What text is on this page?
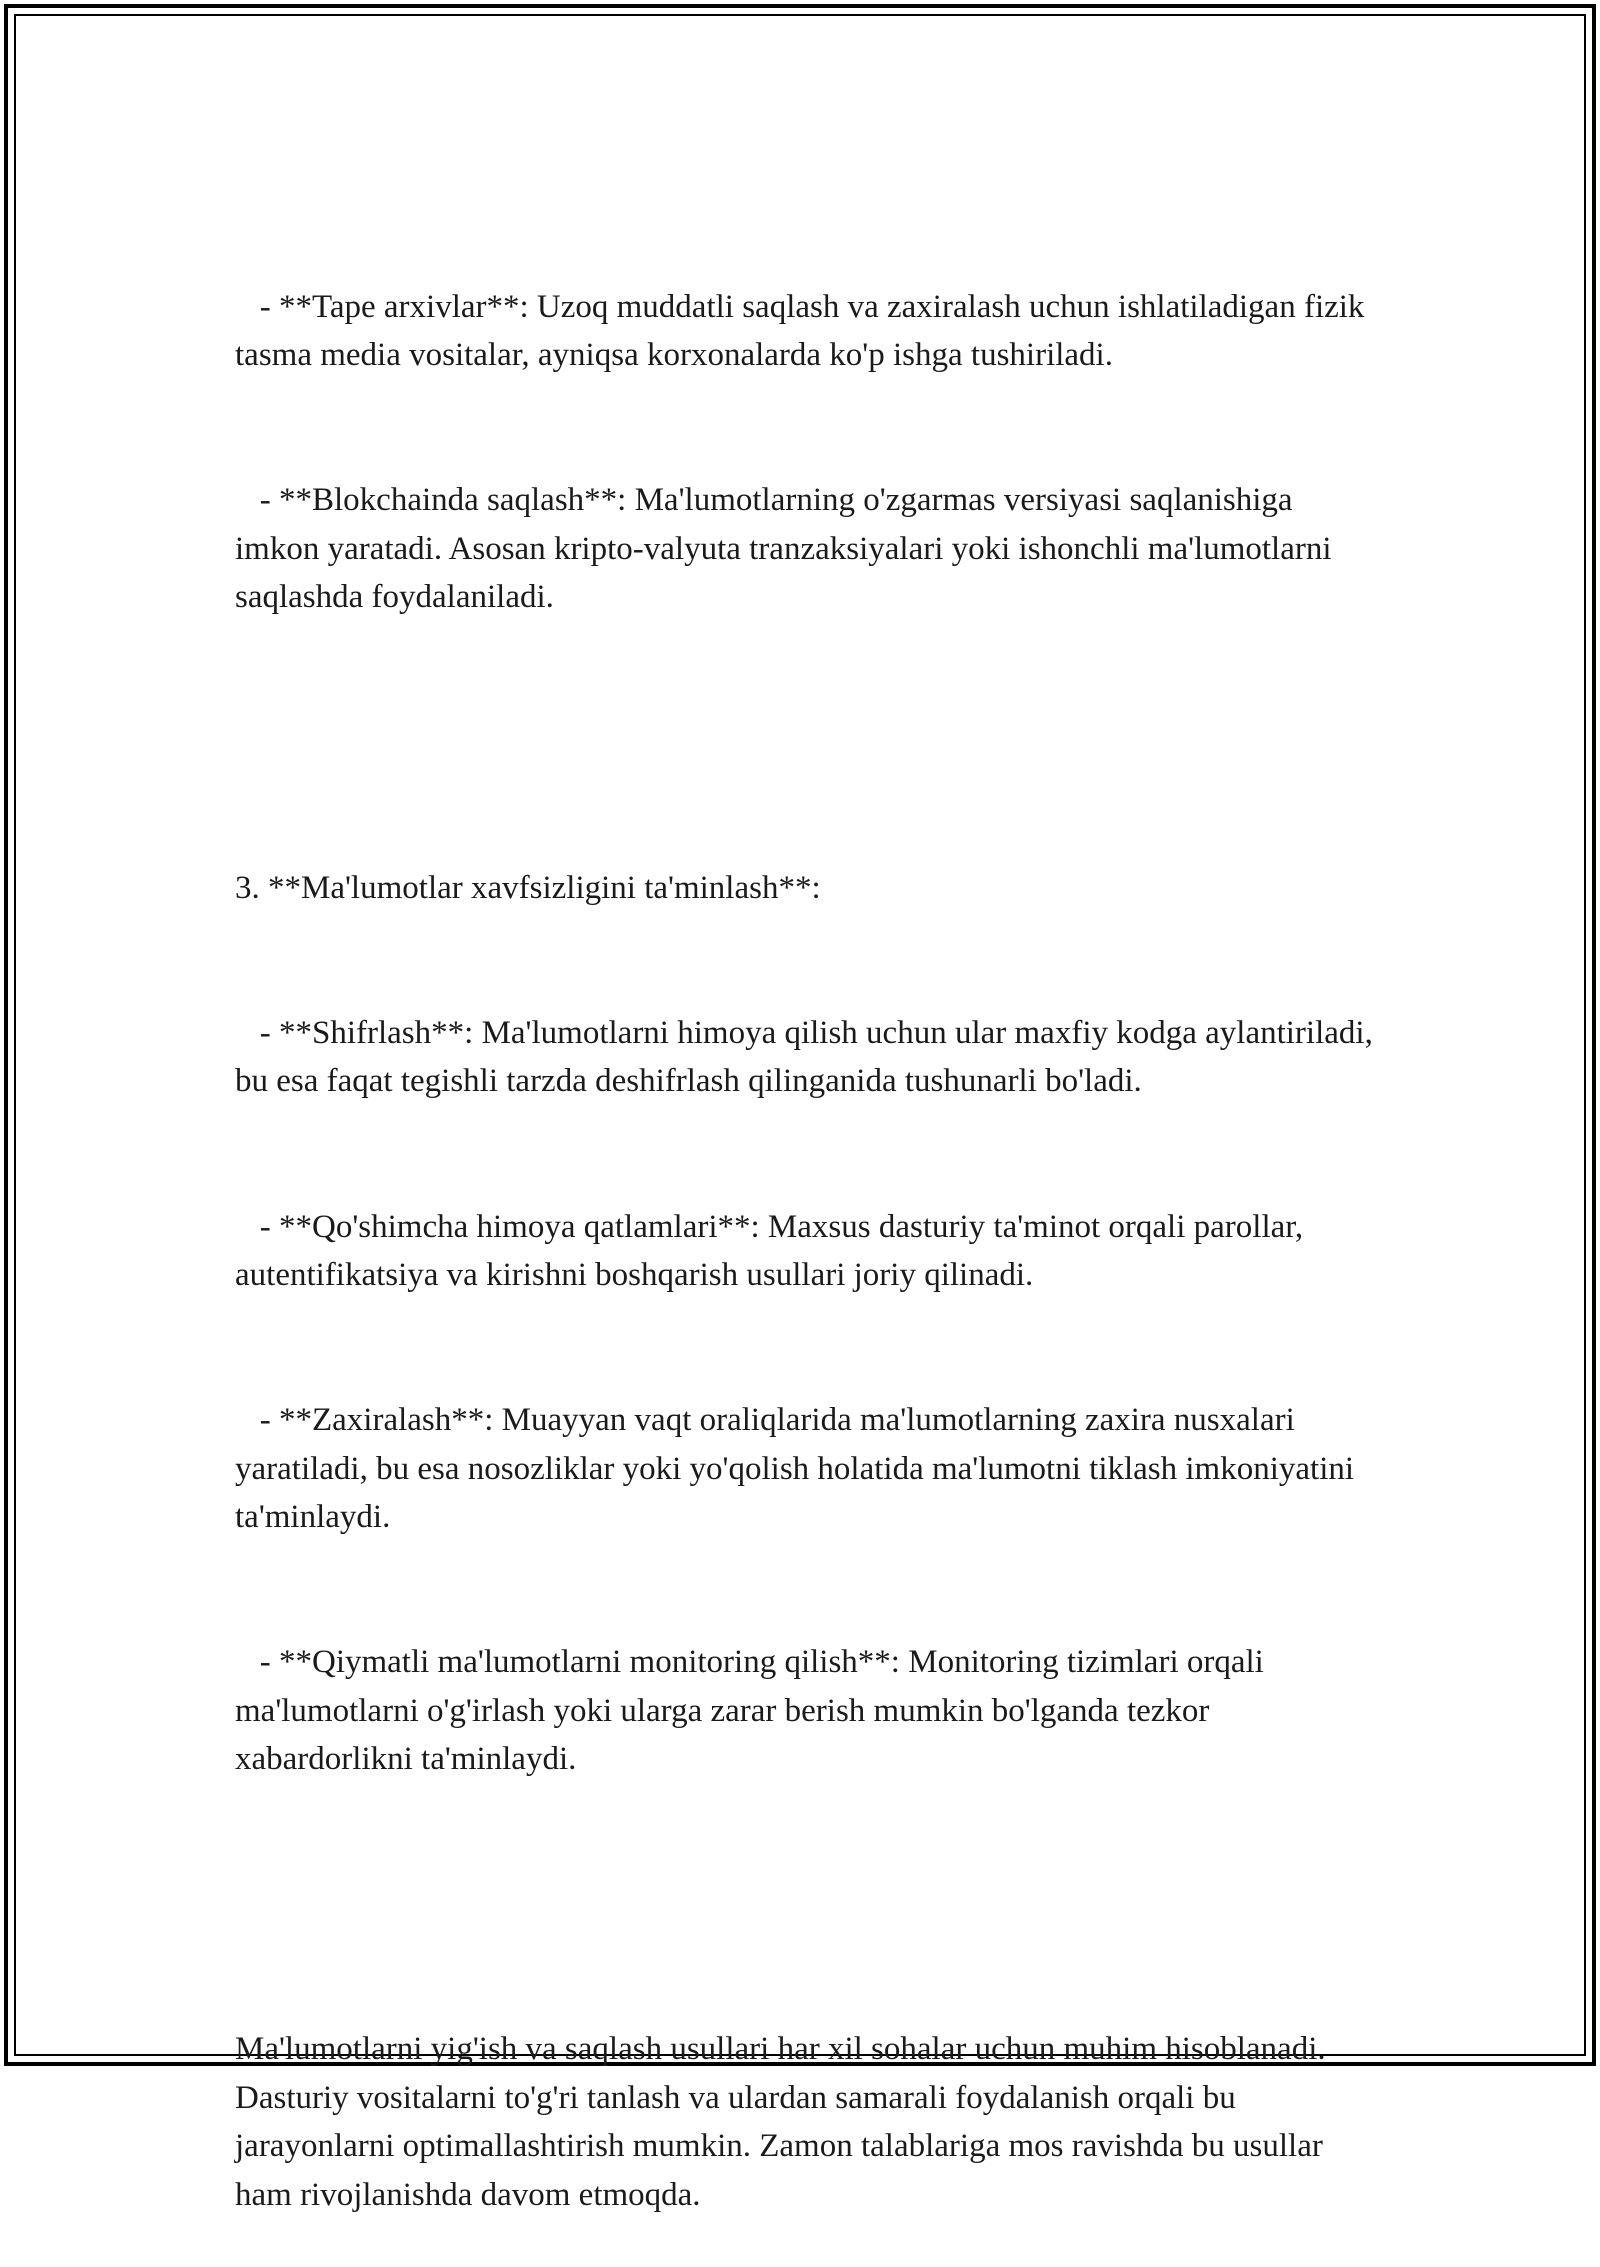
- **Tape arxivlar**: Uzoq muddatli saqlash va zaxiralash uchun ishlatiladigan fizik tasma media vositalar, ayniqsa korxonalarda ko'p ishga tushiriladi.

- **Blokchainda saqlash**: Ma'lumotlarning o'zgarmas versiyasi saqlanishiga imkon yaratadi. Asosan kripto-valyuta tranzaksiyalari yoki ishonchli ma'lumotlarni saqlashda foydalaniladi.

3. **Ma'lumotlar xavfsizligini ta'minlash**:

- **Shifrlash**: Ma'lumotlarni himoya qilish uchun ular maxfiy kodga aylantiriladi, bu esa faqat tegishli tarzda deshifrlash qilinganida tushunarli bo'ladi.

- **Qo'shimcha himoya qatlamlari**: Maxsus dasturiy ta'minot orqali parollar, autentifikatsiya va kirishni boshqarish usullari joriy qilinadi.

- **Zaxiralash**: Muayyan vaqt oraliqlarida ma'lumotlarning zaxira nusxalari yaratiladi, bu esa nosozliklar yoki yo'qolish holatida ma'lumotni tiklash imkoniyatini ta'minlaydi.

- **Qiymatli ma'lumotlarni monitoring qilish**: Monitoring tizimlari orqali ma'lumotlarni o'g'irlash yoki ularga zarar berish mumkin bo'lganda tezkor xabardorlikni ta'minlaydi.

Ma'lumotlarni yig'ish va saqlash usullari har xil sohalar uchun muhim hisoblanadi. Dasturiy vositalarni to'g'ri tanlash va ulardan samarali foydalanish orqali bu jarayonlarni optimallashtirish mumkin. Zamon talablariga mos ravishda bu usullar ham rivojlanishda davom etmoqda.
